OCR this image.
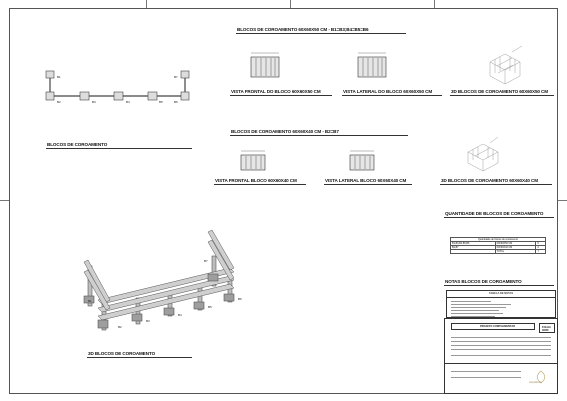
B1
B2	B3	B4	B5	B6
B7
BLOCOS DE COROAMENTO
BLOCOS DE COROAMENTO 60X60X50 CM - B1=B3;B4=B5=B6
VISTA FRONTAL DO BLOCO 60X60X50 CM	VISTA LATERAL DO BLOCO 60X60X50 CM	3D BLOCOS DE COROAMENTO 60X60X50 CM
BLOCOS DE COROAMENTO 60X60X40 CM - B2=B7
VISTA FRONTAL BLOCO 60X60X40 CM	VISTA LATERAL BLOCO 60X60X40 CM	3D BLOCOS DE COROAMENTO 60X60X40 CM
QUANTIDADE DE BLOCOS DE COROAMENTO
Quantidade de blocos de coroamento		
B1,B3,B4,B5,B6	60X60X50 CM	5
B2,B7	60X60X40 CM	2
	TOTAL	7
B1
B2
B3
B4
B5
B6
B7
3D BLOCOS DE COROAMENTO
NOTAS BLOCOS DE COROAMENTO
TABELA DE NOTAS
PROJETO COMPLEMENTAR	FOLHA 06/06
Arquitetura
